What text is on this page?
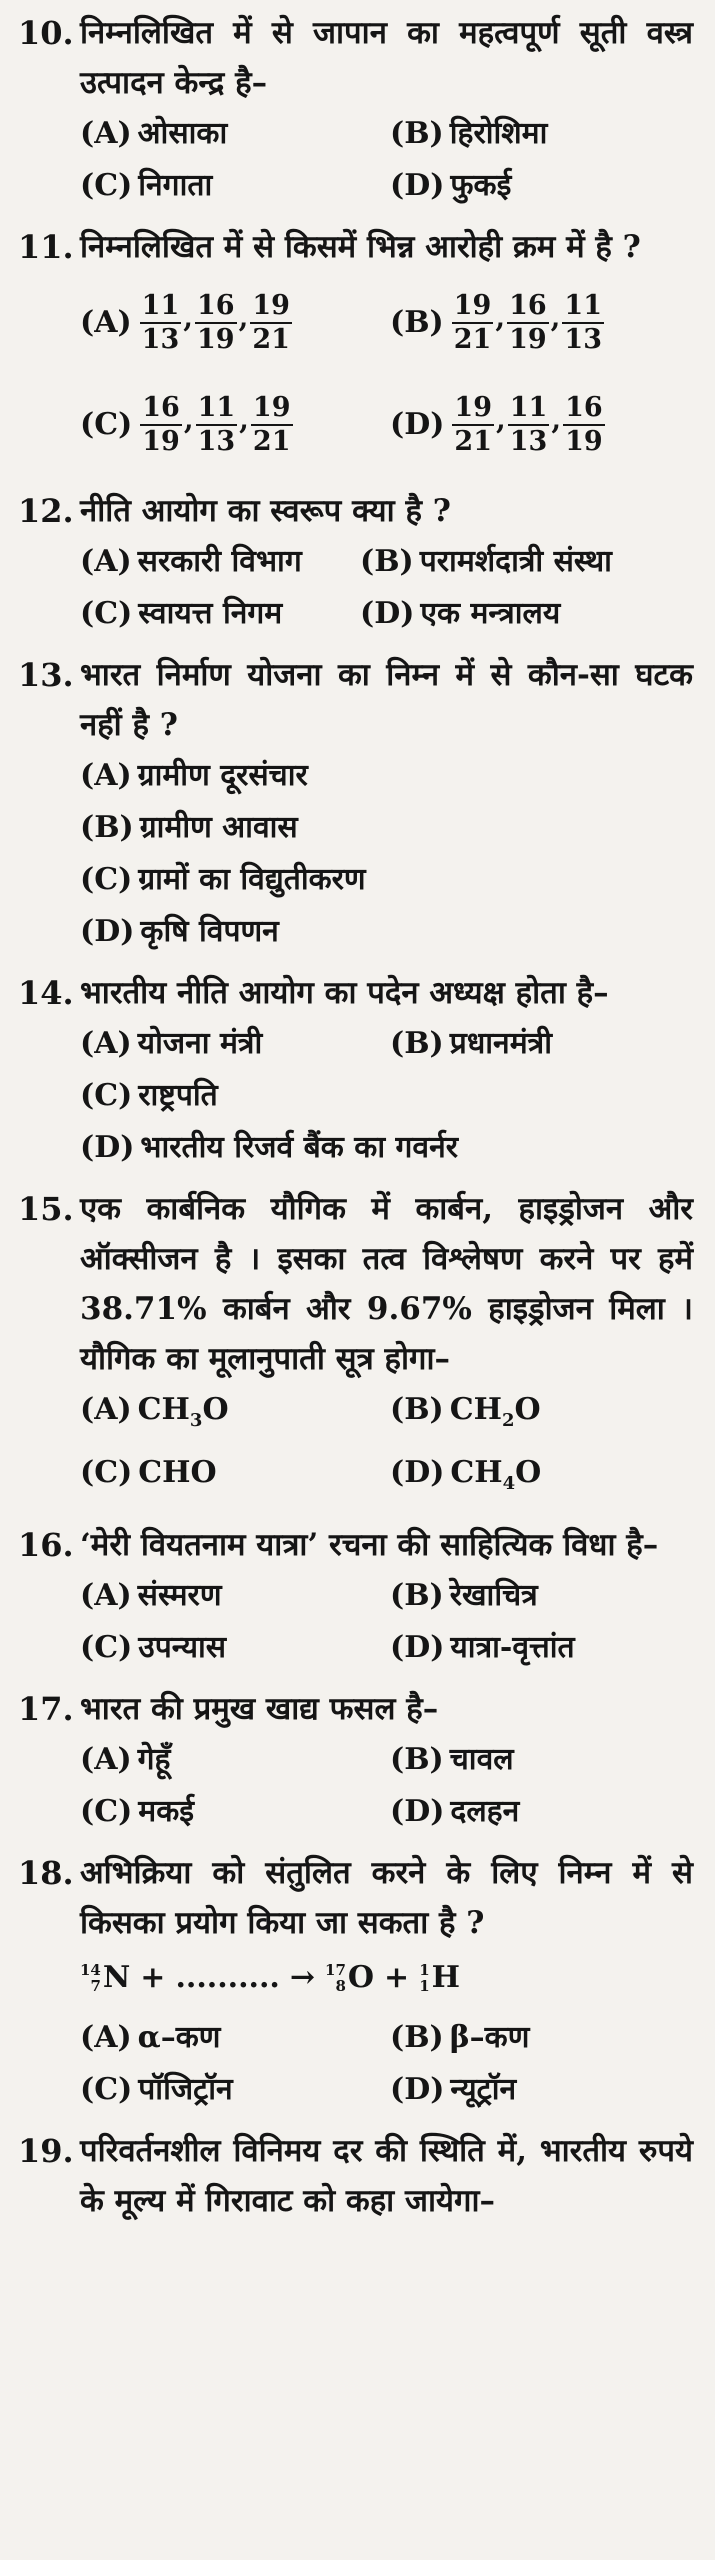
10. निम्नलिखित में से जापान का महत्वपूर्ण सूती वस्त्र उत्पादन केन्द्र है–
(A) ओसाका	(B) हिरोशिमा
(C) निगाता	(D) फुकई
11. निम्नलिखित में से किसमें भिन्न आरोही क्रम में है ?
$(A) \frac{11}{13}$ , $\frac{16}{19}$ , $\frac{19}{21}$	$(B) \frac{19}{21}$ , $\frac{16}{19}$ , $\frac{11}{13}$
$(C) \frac{16}{19}$ , $\frac{11}{13}$ , $\frac{19}{21}$	$(D) \frac{19}{21}$ , $\frac{11}{13}$ , $\frac{16}{19}$
12. नीति आयोग का स्वरूप क्या है ?
(A) सरकारी विभाग	(B) परामर्शदात्री संस्था
(C) स्वायत्त निगम	(D) एक मन्त्रालय
13. भारत निर्माण योजना का निम्न में से कौन-सा घटक नहीं है ?
(A) ग्रामीण दूरसंचार
(B) ग्रामीण आवास
(C) ग्रामों का विद्युतीकरण
(D) कृषि विपणन
14. भारतीय नीति आयोग का पदेन अध्यक्ष होता है–
(A) योजना मंत्री	(B) प्रधानमंत्री
(C) राष्ट्रपति
(D) भारतीय रिजर्व बैंक का गवर्नर
15. एक कार्बनिक यौगिक में कार्बन, हाइड्रोजन और ऑक्सीजन है । इसका तत्व विश्लेषण करने पर हमें 38.71% कार्बन और 9.67% हाइड्रोजन मिला । यौगिक का मूलानुपाती सूत्र होगा–
(A) $CH_3O$	(B) $CH_2O$
(C) CHO	(D) $CH_4O$
16. ‘मेरी वियतनाम यात्रा’ रचना की साहित्यिक विधा है–
(A) संस्मरण	(B) रेखाचित्र
(C) उपन्यास	(D) यात्रा-वृत्तांत
17. भारत की प्रमुख खाद्य फसल है–
(A) गेहूँ	(B) चावल
(C) मकई	(D) दलहन
18. अभिक्रिया को संतुलित करने के लिए निम्न में से किसका प्रयोग किया जा सकता है ?
14
7 N + .......... → 17
8 O + 1
1 H
(A) α–कण	(B) β–कण
(C) पॉजिट्रॉन	(D) न्यूट्रॉन
19. परिवर्तनशील विनिमय दर की स्थिति में, भारतीय रुपये के मूल्य में गिरावाट को कहा जायेगा–
